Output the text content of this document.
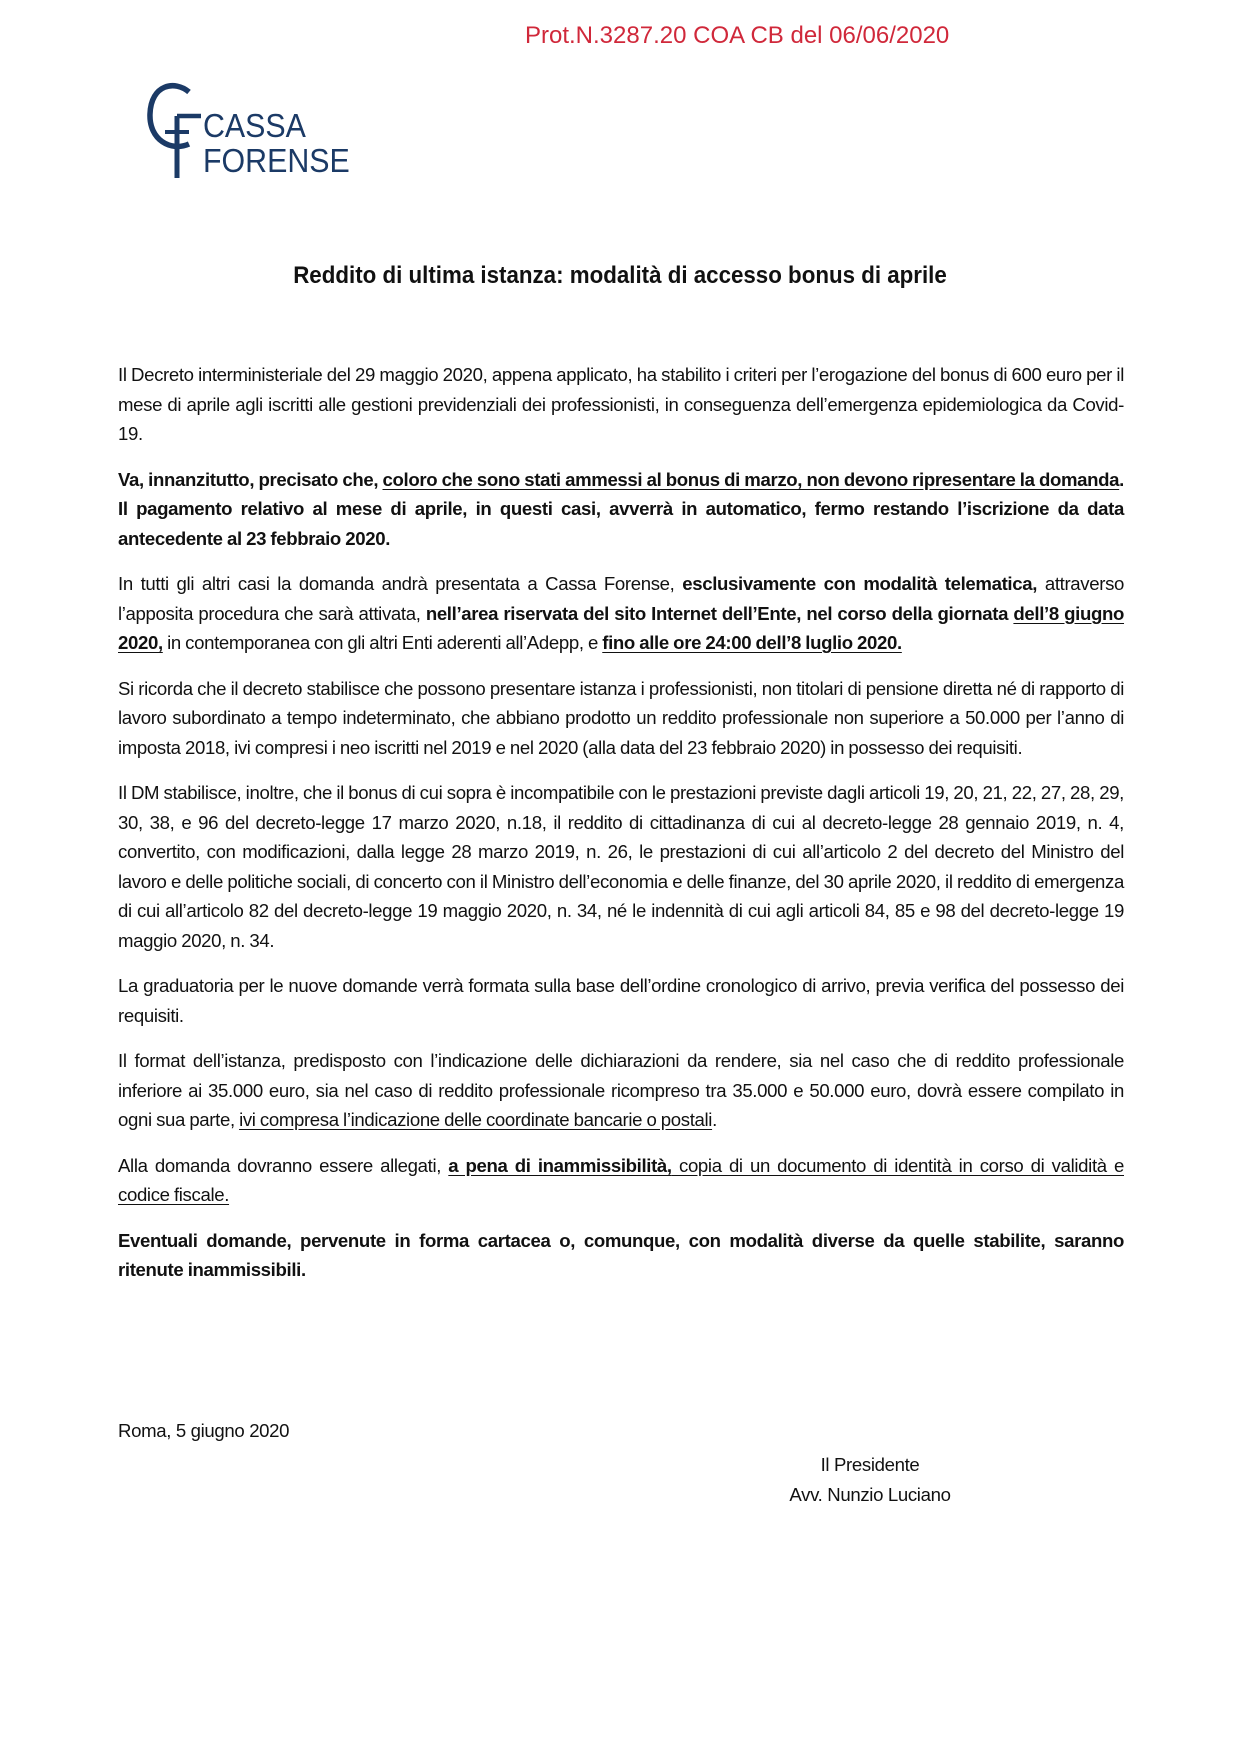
Prot.N.3287.20 COA CB del 06/06/2020
CASSA
FORENSE
Reddito di ultima istanza: modalità di accesso bonus di aprile

Il Decreto interministeriale del 29 maggio 2020, appena applicato, ha stabilito i criteri per l’erogazione del bonus di 600 euro per il mese di aprile agli iscritti alle gestioni previdenziali dei professionisti, in conseguenza dell’emergenza epidemiologica da Covid-19.

Va, innanzitutto, precisato che, coloro che sono stati ammessi al bonus di marzo, non devono ripresentare la domanda. Il pagamento relativo al mese di aprile, in questi casi, avverrà in automatico, fermo restando l’iscrizione da data antecedente al 23 febbraio 2020.

In tutti gli altri casi la domanda andrà presentata a Cassa Forense, esclusivamente con modalità telematica, attraverso l’apposita procedura che sarà attivata, nell’area riservata del sito Internet dell’Ente, nel corso della giornata dell’8 giugno 2020, in contemporanea con gli altri Enti aderenti all’Adepp, e fino alle ore 24:00 dell’8 luglio 2020.

Si ricorda che il decreto stabilisce che possono presentare istanza i professionisti, non titolari di pensione diretta né di rapporto di lavoro subordinato a tempo indeterminato, che abbiano prodotto un reddito professionale non superiore a 50.000 per l’anno di imposta 2018, ivi compresi i neo iscritti nel 2019 e nel 2020 (alla data del 23 febbraio 2020) in possesso dei requisiti.

Il DM stabilisce, inoltre, che il bonus di cui sopra è incompatibile con le prestazioni previste dagli articoli 19, 20, 21, 22, 27, 28, 29, 30, 38, e 96 del decreto-legge 17 marzo 2020, n.18, il reddito di cittadinanza di cui al decreto-legge 28 gennaio 2019, n. 4, convertito, con modificazioni, dalla legge 28 marzo 2019, n. 26, le prestazioni di cui all’articolo 2 del decreto del Ministro del lavoro e delle politiche sociali, di concerto con il Ministro dell’economia e delle finanze, del 30 aprile 2020, il reddito di emergenza di cui all’articolo 82 del decreto-legge 19 maggio 2020, n. 34, né le indennità di cui agli articoli 84, 85 e 98 del decreto-legge 19 maggio 2020, n. 34.

La graduatoria per le nuove domande verrà formata sulla base dell’ordine cronologico di arrivo, previa verifica del possesso dei requisiti.

Il format dell’istanza, predisposto con l’indicazione delle dichiarazioni da rendere, sia nel caso che di reddito professionale inferiore ai 35.000 euro, sia nel caso di reddito professionale ricompreso tra 35.000 e 50.000 euro, dovrà essere compilato in ogni sua parte, ivi compresa l’indicazione delle coordinate bancarie o postali.

Alla domanda dovranno essere allegati, a pena di inammissibilità, copia di un documento di identità in corso di validità e codice fiscale.

Eventuali domande, pervenute in forma cartacea o, comunque, con modalità diverse da quelle stabilite, saranno ritenute inammissibili.

Roma, 5 giugno 2020
Il Presidente
Avv. Nunzio Luciano
